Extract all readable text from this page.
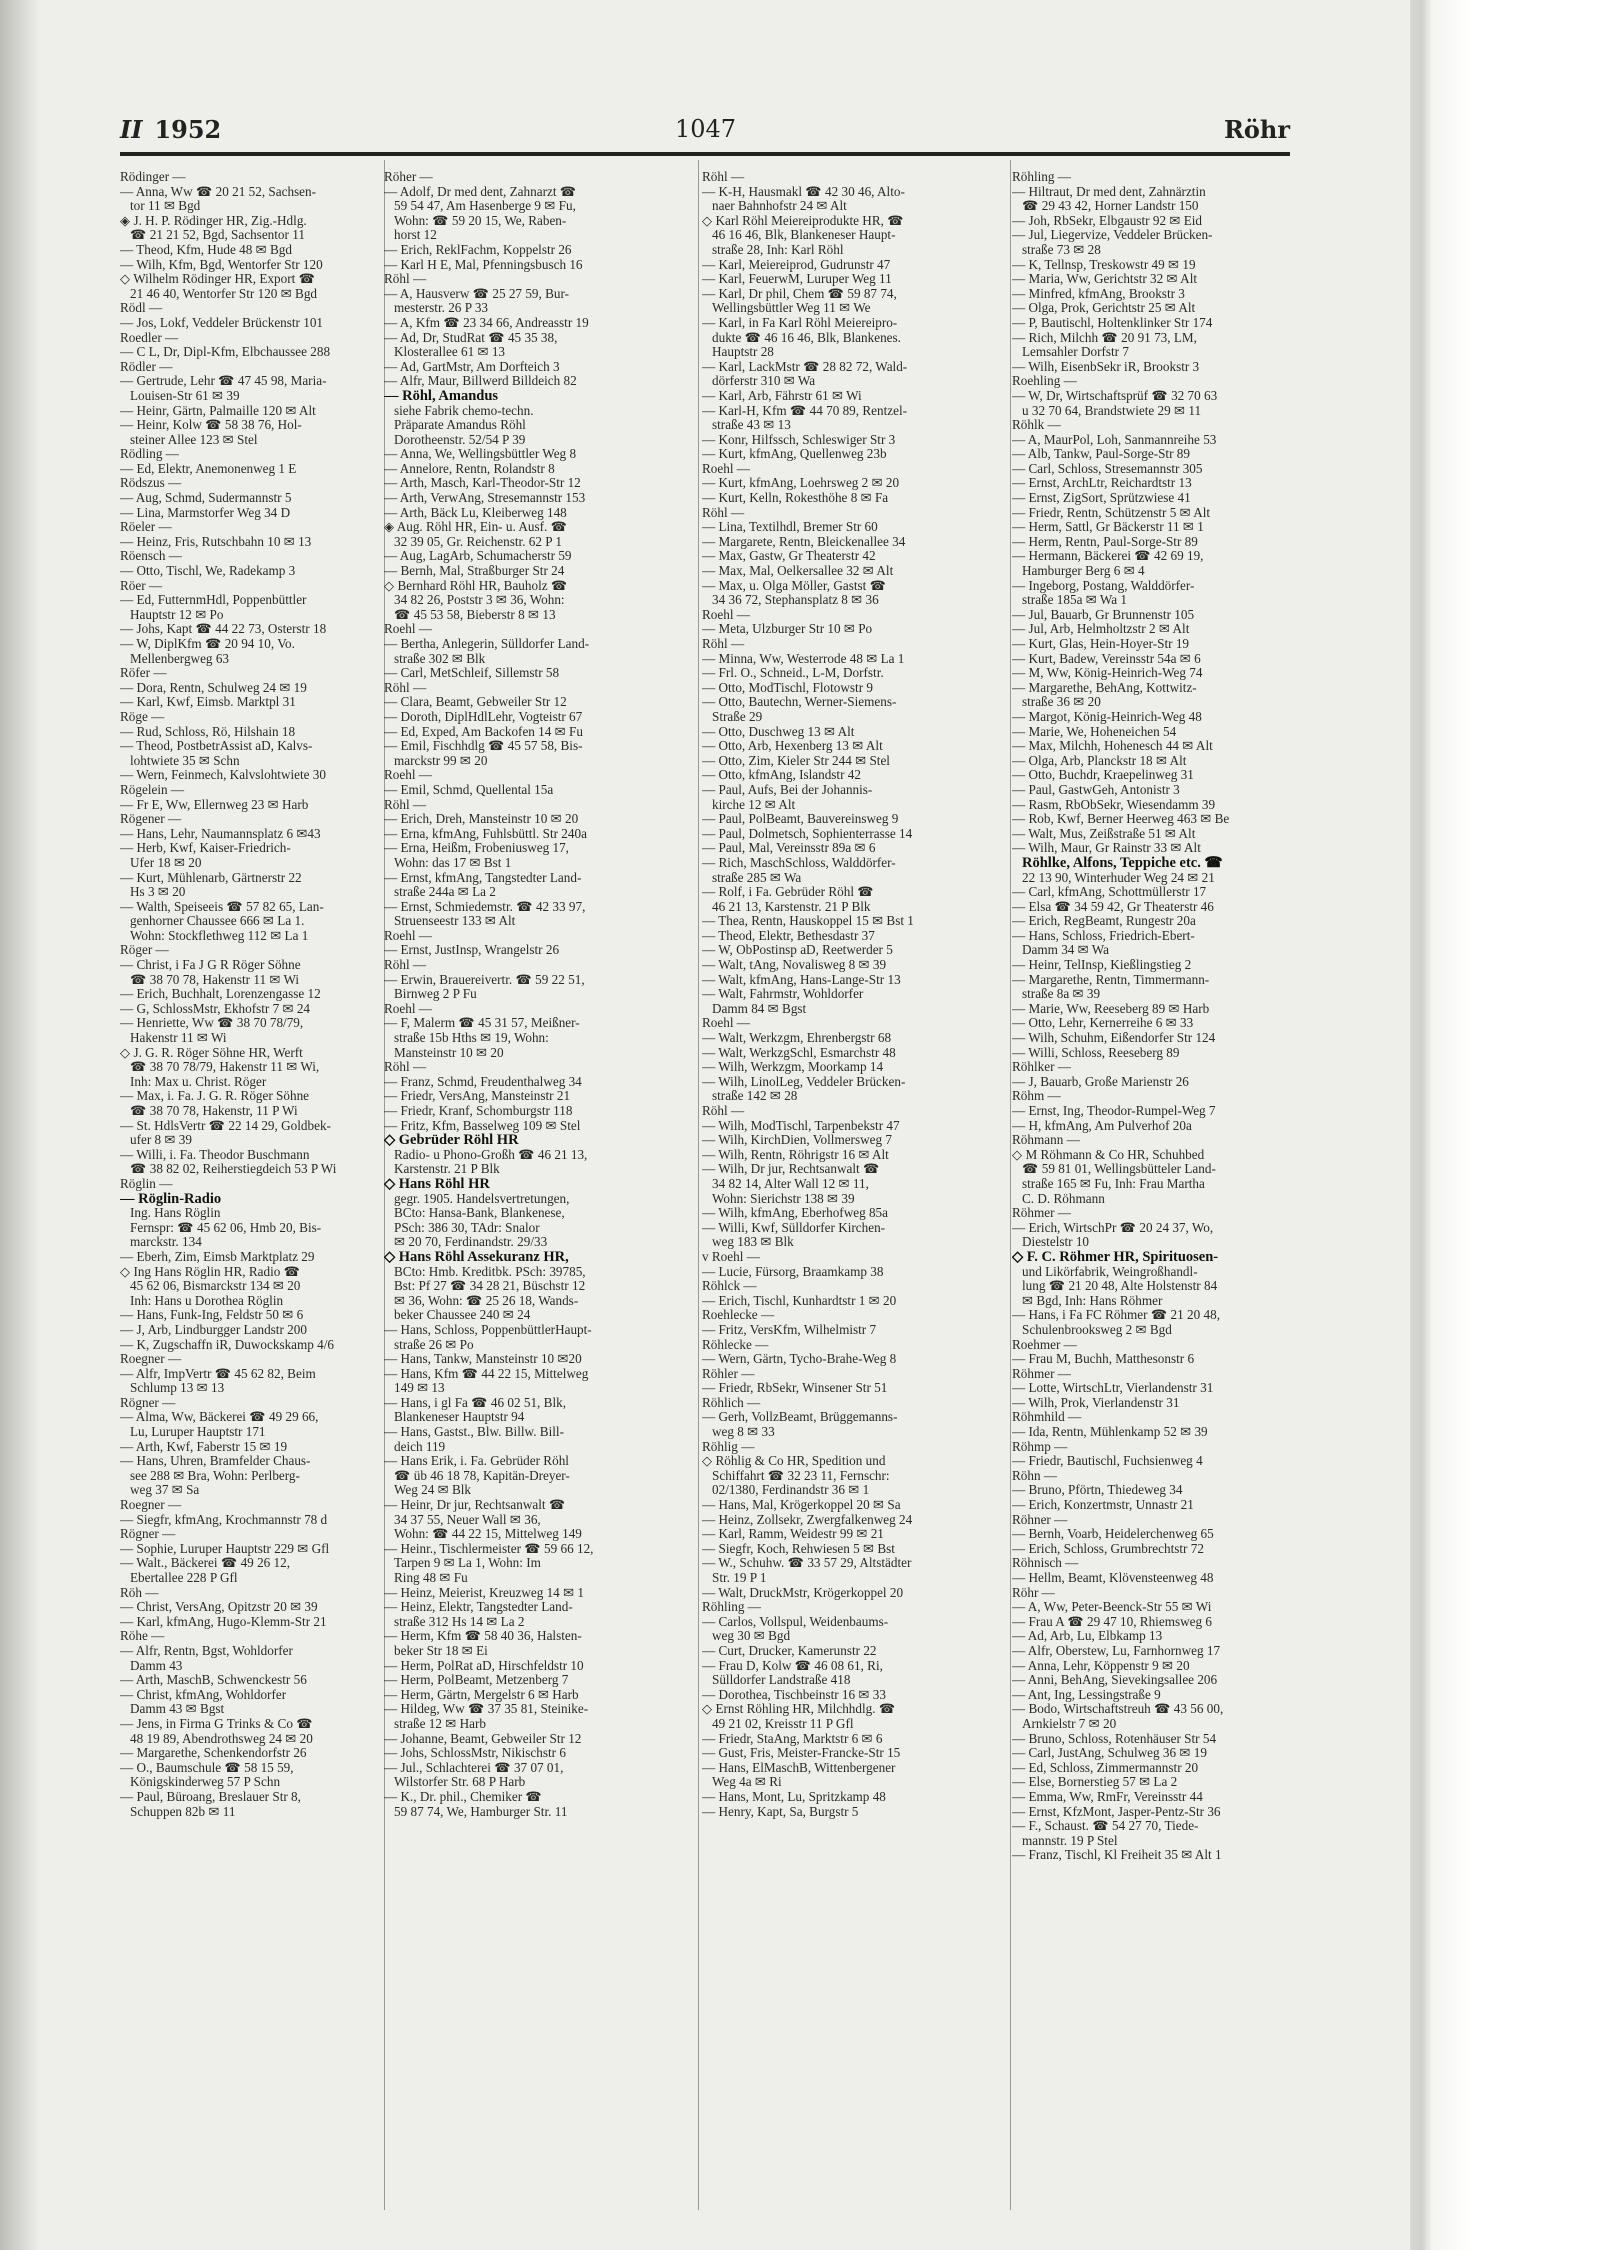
II 1952	1047	Röhr
Rödinger —
— Anna, Ww ☎ 20 21 52, Sachsen-
tor 11 ✉ Bgd
◈ J. H. P. Rödinger HR, Zig.-Hdlg.
☎ 21 21 52, Bgd, Sachsentor 11
— Theod, Kfm, Hude 48 ✉ Bgd
— Wilh, Kfm, Bgd, Wentorfer Str 120
◇ Wilhelm Rödinger HR, Export ☎
21 46 40, Wentorfer Str 120 ✉ Bgd
Rödl —
— Jos, Lokf, Veddeler Brückenstr 101
Roedler —
— C L, Dr, Dipl-Kfm, Elbchaussee 288
Rödler —
— Gertrude, Lehr ☎ 47 45 98, Maria-
Louisen-Str 61 ✉ 39
— Heinr, Gärtn, Palmaille 120 ✉ Alt
— Heinr, Kolw ☎ 58 38 76, Hol-
steiner Allee 123 ✉ Stel
Rödling —
— Ed, Elektr, Anemonenweg 1 E
Rödszus —
— Aug, Schmd, Sudermannstr 5
— Lina, Marmstorfer Weg 34 D
Röeler —
— Heinz, Fris, Rutschbahn 10 ✉ 13
Röensch —
— Otto, Tischl, We, Radekamp 3
Röer —
— Ed, FutternmHdl, Poppenbüttler
Hauptstr 12 ✉ Po
— Johs, Kapt ☎ 44 22 73, Osterstr 18
— W, DiplKfm ☎ 20 94 10, Vo.
Mellenbergweg 63
Röfer —
— Dora, Rentn, Schulweg 24 ✉ 19
— Karl, Kwf, Eimsb. Marktpl 31
Röge —
— Rud, Schloss, Rö, Hilshain 18
— Theod, PostbetrAssist aD, Kalvs-
lohtwiete 35 ✉ Schn
— Wern, Feinmech, Kalvslohtwiete 30
Rögelein —
— Fr E, Ww, Ellernweg 23 ✉ Harb
Rögener —
— Hans, Lehr, Naumannsplatz 6 ✉43
— Herb, Kwf, Kaiser-Friedrich-
Ufer 18 ✉ 20
— Kurt, Mühlenarb, Gärtnerstr 22
Hs 3 ✉ 20
— Walth, Speiseeis ☎ 57 82 65, Lan-
genhorner Chaussee 666 ✉ La 1.
Wohn: Stockflethweg 112 ✉ La 1
Röger —
— Christ, i Fa J G R Röger Söhne
☎ 38 70 78, Hakenstr 11 ✉ Wi
— Erich, Buchhalt, Lorenzengasse 12
— G, SchlossMstr, Ekhofstr 7 ✉ 24
— Henriette, Ww ☎ 38 70 78/79,
Hakenstr 11 ✉ Wi
◇ J. G. R. Röger Söhne HR, Werft
☎ 38 70 78/79, Hakenstr 11 ✉ Wi,
Inh: Max u. Christ. Röger
— Max, i. Fa. J. G. R. Röger Söhne
☎ 38 70 78, Hakenstr, 11 P Wi
— St. HdlsVertr ☎ 22 14 29, Goldbek-
ufer 8 ✉ 39
— Willi, i. Fa. Theodor Buschmann
☎ 38 82 02, Reiherstiegdeich 53 P Wi
Röglin —
— Röglin-Radio
Ing. Hans Röglin
Fernspr: ☎ 45 62 06, Hmb 20, Bis-
marckstr. 134
— Eberh, Zim, Eimsb Marktplatz 29
◇ Ing Hans Röglin HR, Radio ☎
45 62 06, Bismarckstr 134 ✉ 20
Inh: Hans u Dorothea Röglin
— Hans, Funk-Ing, Feldstr 50 ✉ 6
— J, Arb, Lindburgger Landstr 200
— K, Zugschaffn iR, Duwockskamp 4/6
Roegner —
— Alfr, ImpVertr ☎ 45 62 82, Beim
Schlump 13 ✉ 13
Rögner —
— Alma, Ww, Bäckerei ☎ 49 29 66,
Lu, Luruper Hauptstr 171
— Arth, Kwf, Faberstr 15 ✉ 19
— Hans, Uhren, Bramfelder Chaus-
see 288 ✉ Bra, Wohn: Perlberg-
weg 37 ✉ Sa
Roegner —
— Siegfr, kfmAng, Krochmannstr 78 d
Rögner —
— Sophie, Luruper Hauptstr 229 ✉ Gfl
— Walt., Bäckerei ☎ 49 26 12,
Ebertallee 228 P Gfl
Röh —
— Christ, VersAng, Opitzstr 20 ✉ 39
— Karl, kfmAng, Hugo-Klemm-Str 21
Röhe —
— Alfr, Rentn, Bgst, Wohldorfer
Damm 43
— Arth, MaschB, Schwenckestr 56
— Christ, kfmAng, Wohldorfer
Damm 43 ✉ Bgst
— Jens, in Firma G Trinks & Co ☎
48 19 89, Abendrothsweg 24 ✉ 20
— Margarethe, Schenkendorfstr 26
— O., Baumschule ☎ 58 15 59,
Königskinderweg 57 P Schn
— Paul, Büroang, Breslauer Str 8,
Schuppen 82b ✉ 11
Röher —
— Adolf, Dr med dent, Zahnarzt ☎
59 54 47, Am Hasenberge 9 ✉ Fu,
Wohn: ☎ 59 20 15, We, Raben-
horst 12
— Erich, ReklFachm, Koppelstr 26
— Karl H E, Mal, Pfenningsbusch 16
Röhl —
— A, Hausverw ☎ 25 27 59, Bur-
mesterstr. 26 P 33
— A, Kfm ☎ 23 34 66, Andreasstr 19
— Ad, Dr, StudRat ☎ 45 35 38,
Klosterallee 61 ✉ 13
— Ad, GartMstr, Am Dorfteich 3
— Alfr, Maur, Billwerd Billdeich 82
— Röhl, Amandus
siehe Fabrik chemo-techn.
Präparate Amandus Röhl
Dorotheenstr. 52/54 P 39
— Anna, We, Wellingsbüttler Weg 8
— Annelore, Rentn, Rolandstr 8
— Arth, Masch, Karl-Theodor-Str 12
— Arth, VerwAng, Stresemannstr 153
— Arth, Bäck Lu, Kleiberweg 148
◈ Aug. Röhl HR, Ein- u. Ausf. ☎
32 39 05, Gr. Reichenstr. 62 P 1
— Aug, LagArb, Schumacherstr 59
— Bernh, Mal, Straßburger Str 24
◇ Bernhard Röhl HR, Bauholz ☎
34 82 26, Poststr 3 ✉ 36, Wohn:
☎ 45 53 58, Bieberstr 8 ✉ 13
Roehl —
— Bertha, Anlegerin, Sülldorfer Land-
straße 302 ✉ Blk
— Carl, MetSchleif, Sillemstr 58
Röhl —
— Clara, Beamt, Gebweiler Str 12
— Doroth, DiplHdlLehr, Vogteistr 67
— Ed, Exped, Am Backofen 14 ✉ Fu
— Emil, Fischhdlg ☎ 45 57 58, Bis-
marckstr 99 ✉ 20
Roehl —
— Emil, Schmd, Quellental 15a
Röhl —
— Erich, Dreh, Mansteinstr 10 ✉ 20
— Erna, kfmAng, Fuhlsbüttl. Str 240a
— Erna, Heißm, Frobeniusweg 17,
Wohn: das 17 ✉ Bst 1
— Ernst, kfmAng, Tangstedter Land-
straße 244a ✉ La 2
— Ernst, Schmiedemstr. ☎ 42 33 97,
Struenseestr 133 ✉ Alt
Roehl —
— Ernst, JustInsp, Wrangelstr 26
Röhl —
— Erwin, Brauereivertr. ☎ 59 22 51,
Birnweg 2 P Fu
Roehl —
— F, Malerm ☎ 45 31 57, Meißner-
straße 15b Hths ✉ 19, Wohn:
Mansteinstr 10 ✉ 20
Röhl —
— Franz, Schmd, Freudenthalweg 34
— Friedr, VersAng, Mansteinstr 21
— Friedr, Kranf, Schomburgstr 118
— Fritz, Kfm, Basselweg 109 ✉ Stel
◇ Gebrüder Röhl HR
Radio- u Phono-Großh ☎ 46 21 13,
Karstenstr. 21 P Blk
◇ Hans Röhl HR
gegr. 1905. Handelsvertretungen,
BCto: Hansa-Bank, Blankenese,
PSch: 386 30, TAdr: Snalor
✉ 20 70, Ferdinandstr. 29/33
◇ Hans Röhl Assekuranz HR,
BCto: Hmb. Kreditbk. PSch: 39785,
Bst: Pf 27 ☎ 34 28 21, Büschstr 12
✉ 36, Wohn: ☎ 25 26 18, Wands-
beker Chaussee 240 ✉ 24
— Hans, Schloss, PoppenbüttlerHaupt-
straße 26 ✉ Po
— Hans, Tankw, Mansteinstr 10 ✉20
— Hans, Kfm ☎ 44 22 15, Mittelweg
149 ✉ 13
— Hans, i gl Fa ☎ 46 02 51, Blk,
Blankeneser Hauptstr 94
— Hans, Gastst., Blw. Billw. Bill-
deich 119
— Hans Erik, i. Fa. Gebrüder Röhl
☎ üb 46 18 78, Kapitän-Dreyer-
Weg 24 ✉ Blk
— Heinr, Dr jur, Rechtsanwalt ☎
34 37 55, Neuer Wall ✉ 36,
Wohn: ☎ 44 22 15, Mittelweg 149
— Heinr., Tischlermeister ☎ 59 66 12,
Tarpen 9 ✉ La 1, Wohn: Im
Ring 48 ✉ Fu
— Heinz, Meierist, Kreuzweg 14 ✉ 1
— Heinz, Elektr, Tangstedter Land-
straße 312 Hs 14 ✉ La 2
— Herm, Kfm ☎ 58 40 36, Halsten-
beker Str 18 ✉ Ei
— Herm, PolRat aD, Hirschfeldstr 10
— Herm, PolBeamt, Metzenberg 7
— Herm, Gärtn, Mergelstr 6 ✉ Harb
— Hildeg, Ww ☎ 37 35 81, Steinike-
straße 12 ✉ Harb
— Johanne, Beamt, Gebweiler Str 12
— Johs, SchlossMstr, Nikischstr 6
— Jul., Schlachterei ☎ 37 07 01,
Wilstorfer Str. 68 P Harb
— K., Dr. phil., Chemiker ☎
59 87 74, We, Hamburger Str. 11
Röhl —
— K-H, Hausmakl ☎ 42 30 46, Alto-
naer Bahnhofstr 24 ✉ Alt
◇ Karl Röhl Meiereiprodukte HR, ☎
46 16 46, Blk, Blankeneser Haupt-
straße 28, Inh: Karl Röhl
— Karl, Meiereiprod, Gudrunstr 47
— Karl, FeuerwM, Luruper Weg 11
— Karl, Dr phil, Chem ☎ 59 87 74,
Wellingsbüttler Weg 11 ✉ We
— Karl, in Fa Karl Röhl Meiereipro-
dukte ☎ 46 16 46, Blk, Blankenes.
Hauptstr 28
— Karl, LackMstr ☎ 28 82 72, Wald-
dörferstr 310 ✉ Wa
— Karl, Arb, Fährstr 61 ✉ Wi
— Karl-H, Kfm ☎ 44 70 89, Rentzel-
straße 43 ✉ 13
— Konr, Hilfssch, Schleswiger Str 3
— Kurt, kfmAng, Quellenweg 23b
Roehl —
— Kurt, kfmAng, Loehrsweg 2 ✉ 20
— Kurt, Kelln, Rokesthöhe 8 ✉ Fa
Röhl —
— Lina, Textilhdl, Bremer Str 60
— Margarete, Rentn, Bleickenallee 34
— Max, Gastw, Gr Theaterstr 42
— Max, Mal, Oelkersallee 32 ✉ Alt
— Max, u. Olga Möller, Gastst ☎
34 36 72, Stephansplatz 8 ✉ 36
Roehl —
— Meta, Ulzburger Str 10 ✉ Po
Röhl —
— Minna, Ww, Westerrode 48 ✉ La 1
— Frl. O., Schneid., L-M, Dorfstr.
— Otto, ModTischl, Flotowstr 9
— Otto, Bautechn, Werner-Siemens-
Straße 29
— Otto, Duschweg 13 ✉ Alt
— Otto, Arb, Hexenberg 13 ✉ Alt
— Otto, Zim, Kieler Str 244 ✉ Stel
— Otto, kfmAng, Islandstr 42
— Paul, Aufs, Bei der Johannis-
kirche 12 ✉ Alt
— Paul, PolBeamt, Bauvereinsweg 9
— Paul, Dolmetsch, Sophienterrasse 14
— Paul, Mal, Vereinsstr 89a ✉ 6
— Rich, MaschSchloss, Walddörfer-
straße 285 ✉ Wa
— Rolf, i Fa. Gebrüder Röhl ☎
46 21 13, Karstenstr. 21 P Blk
— Thea, Rentn, Hauskoppel 15 ✉ Bst 1
— Theod, Elektr, Bethesdastr 37
— W, ObPostinsp aD, Reetwerder 5
— Walt, tAng, Novalisweg 8 ✉ 39
— Walt, kfmAng, Hans-Lange-Str 13
— Walt, Fahrmstr, Wohldorfer
Damm 84 ✉ Bgst
Roehl —
— Walt, Werkzgm, Ehrenbergstr 68
— Walt, WerkzgSchl, Esmarchstr 48
— Wilh, Werkzgm, Moorkamp 14
— Wilh, LinolLeg, Veddeler Brücken-
straße 142 ✉ 28
Röhl —
— Wilh, ModTischl, Tarpenbekstr 47
— Wilh, KirchDien, Vollmersweg 7
— Wilh, Rentn, Röhrigstr 16 ✉ Alt
— Wilh, Dr jur, Rechtsanwalt ☎
34 82 14, Alter Wall 12 ✉ 11,
Wohn: Sierichstr 138 ✉ 39
— Wilh, kfmAng, Eberhofweg 85a
— Willi, Kwf, Sülldorfer Kirchen-
weg 183 ✉ Blk
v Roehl —
— Lucie, Fürsorg, Braamkamp 38
Röhlck —
— Erich, Tischl, Kunhardtstr 1 ✉ 20
Roehlecke —
— Fritz, VersKfm, Wilhelmistr 7
Röhlecke —
— Wern, Gärtn, Tycho-Brahe-Weg 8
Röhler —
— Friedr, RbSekr, Winsener Str 51
Röhlich —
— Gerh, VollzBeamt, Brüggemanns-
weg 8 ✉ 33
Röhlig —
◇ Röhlig & Co HR, Spedition und
Schiffahrt ☎ 32 23 11, Fernschr:
02/1380, Ferdinandstr 36 ✉ 1
— Hans, Mal, Krögerkoppel 20 ✉ Sa
— Heinz, Zollsekr, Zwergfalkenweg 24
— Karl, Ramm, Weidestr 99 ✉ 21
— Siegfr, Koch, Rehwiesen 5 ✉ Bst
— W., Schuhw. ☎ 33 57 29, Altstädter
Str. 19 P 1
— Walt, DruckMstr, Krögerkoppel 20
Röhling —
— Carlos, Vollspul, Weidenbaums-
weg 30 ✉ Bgd
— Curt, Drucker, Kamerunstr 22
— Frau D, Kolw ☎ 46 08 61, Ri,
Sülldorfer Landstraße 418
— Dorothea, Tischbeinstr 16 ✉ 33
◇ Ernst Röhling HR, Milchhdlg. ☎
49 21 02, Kreisstr 11 P Gfl
— Friedr, StaAng, Marktstr 6 ✉ 6
— Gust, Fris, Meister-Francke-Str 15
— Hans, ElMaschB, Wittenbergener
Weg 4a ✉ Ri
— Hans, Mont, Lu, Spritzkamp 48
— Henry, Kapt, Sa, Burgstr 5
Röhling —
— Hiltraut, Dr med dent, Zahnärztin
☎ 29 43 42, Horner Landstr 150
— Joh, RbSekr, Elbgaustr 92 ✉ Eid
— Jul, Liegervize, Veddeler Brücken-
straße 73 ✉ 28
— K, Tellnsp, Treskowstr 49 ✉ 19
— Maria, Ww, Gerichtstr 32 ✉ Alt
— Minfred, kfmAng, Brookstr 3
— Olga, Prok, Gerichtstr 25 ✉ Alt
— P, Bautischl, Holtenklinker Str 174
— Rich, Milchh ☎ 20 91 73, LM,
Lemsahler Dorfstr 7
— Wilh, EisenbSekr iR, Brookstr 3
Roehling —
— W, Dr, Wirtschaftsprüf ☎ 32 70 63
u 32 70 64, Brandstwiete 29 ✉ 11
Röhlk —
— A, MaurPol, Loh, Sanmannreihe 53
— Alb, Tankw, Paul-Sorge-Str 89
— Carl, Schloss, Stresemannstr 305
— Ernst, ArchLtr, Reichardtstr 13
— Ernst, ZigSort, Sprützwiese 41
— Friedr, Rentn, Schützenstr 5 ✉ Alt
— Herm, Sattl, Gr Bäckerstr 11 ✉ 1
— Herm, Rentn, Paul-Sorge-Str 89
— Hermann, Bäckerei ☎ 42 69 19,
Hamburger Berg 6 ✉ 4
— Ingeborg, Postang, Walddörfer-
straße 185a ✉ Wa 1
— Jul, Bauarb, Gr Brunnenstr 105
— Jul, Arb, Helmholtzstr 2 ✉ Alt
— Kurt, Glas, Hein-Hoyer-Str 19
— Kurt, Badew, Vereinsstr 54a ✉ 6
— M, Ww, König-Heinrich-Weg 74
— Margarethe, BehAng, Kottwitz-
straße 36 ✉ 20
— Margot, König-Heinrich-Weg 48
— Marie, We, Hoheneichen 54
— Max, Milchh, Hohenesch 44 ✉ Alt
— Olga, Arb, Planckstr 18 ✉ Alt
— Otto, Buchdr, Kraepelinweg 31
— Paul, GastwGeh, Antonistr 3
— Rasm, RbObSekr, Wiesendamm 39
— Rob, Kwf, Berner Heerweg 463 ✉ Be
— Walt, Mus, Zeißstraße 51 ✉ Alt
— Wilh, Maur, Gr Rainstr 33 ✉ Alt
Röhlke, Alfons, Teppiche etc. ☎
22 13 90, Winterhuder Weg 24 ✉ 21
— Carl, kfmAng, Schottmüllerstr 17
— Elsa ☎ 34 59 42, Gr Theaterstr 46
— Erich, RegBeamt, Rungestr 20a
— Hans, Schloss, Friedrich-Ebert-
Damm 34 ✉ Wa
— Heinr, TelInsp, Kießlingstieg 2
— Margarethe, Rentn, Timmermann-
straße 8a ✉ 39
— Marie, Ww, Reeseberg 89 ✉ Harb
— Otto, Lehr, Kernerreihe 6 ✉ 33
— Wilh, Schuhm, Eißendorfer Str 124
— Willi, Schloss, Reeseberg 89
Röhlker —
— J, Bauarb, Große Marienstr 26
Röhm —
— Ernst, Ing, Theodor-Rumpel-Weg 7
— H, kfmAng, Am Pulverhof 20a
Röhmann —
◇ M Röhmann & Co HR, Schuhbed
☎ 59 81 01, Wellingsbütteler Land-
straße 165 ✉ Fu, Inh: Frau Martha
C. D. Röhmann
Röhmer —
— Erich, WirtschPr ☎ 20 24 37, Wo,
Diestelstr 10
◇ F. C. Röhmer HR, Spirituosen-
und Likörfabrik, Weingroßhandl-
lung ☎ 21 20 48, Alte Holstenstr 84
✉ Bgd, Inh: Hans Röhmer
— Hans, i Fa FC Röhmer ☎ 21 20 48,
Schulenbrooksweg 2 ✉ Bgd
Roehmer —
— Frau M, Buchh, Matthesonstr 6
Röhmer —
— Lotte, WirtschLtr, Vierlandenstr 31
— Wilh, Prok, Vierlandenstr 31
Röhmhild —
— Ida, Rentn, Mühlenkamp 52 ✉ 39
Röhmp —
— Friedr, Bautischl, Fuchsienweg 4
Röhn —
— Bruno, Pförtn, Thiedeweg 34
— Erich, Konzertmstr, Unnastr 21
Röhner —
— Bernh, Voarb, Heidelerchenweg 65
— Erich, Schloss, Grumbrechtstr 72
Röhnisch —
— Hellm, Beamt, Klövensteenweg 48
Röhr —
— A, Ww, Peter-Beenck-Str 55 ✉ Wi
— Frau A ☎ 29 47 10, Rhiemsweg 6
— Ad, Arb, Lu, Elbkamp 13
— Alfr, Oberstew, Lu, Farnhornweg 17
— Anna, Lehr, Köppenstr 9 ✉ 20
— Anni, BehAng, Sievekingsallee 206
— Ant, Ing, Lessingstraße 9
— Bodo, Wirtschaftstreuh ☎ 43 56 00,
Arnkielstr 7 ✉ 20
— Bruno, Schloss, Rotenhäuser Str 54
— Carl, JustAng, Schulweg 36 ✉ 19
— Ed, Schloss, Zimmermannstr 20
— Else, Bornerstieg 57 ✉ La 2
— Emma, Ww, RmFr, Vereinsstr 44
— Ernst, KfzMont, Jasper-Pentz-Str 36
— F., Schaust. ☎ 54 27 70, Tiede-
mannstr. 19 P Stel
— Franz, Tischl, Kl Freiheit 35 ✉ Alt 1
